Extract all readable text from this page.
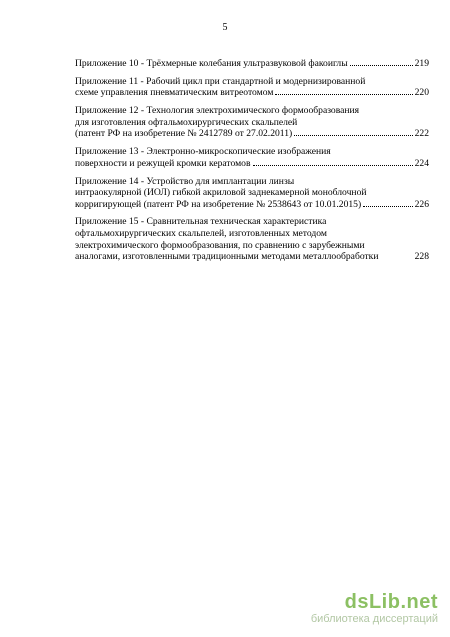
5
Приложение 10 - Трёхмерные колебания ультразвуковой факоиглы	219
Приложение 11 - Рабочий цикл при стандартной и модернизированной
схеме управления пневматическим витреотомом	220
Приложение 12 - Технология электрохимического формообразования
для изготовления офтальмохирургических скальпелей
(патент РФ на изобретение № 2412789 от 27.02.2011)	222
Приложение 13 - Электронно-микроскопические изображения
поверхности и режущей кромки кератомов	224
Приложение 14 - Устройство для имплантации линзы
интраокулярной (ИОЛ) гибкой акриловой заднекамерной моноблочной
корригирующей (патент РФ на изобретение № 2538643 от 10.01.2015)	226
Приложение 15 - Сравнительная техническая характеристика
офтальмохирургических скальпелей, изготовленных методом
электрохимического формообразования, по сравнению с зарубежными
аналогами, изготовленными традиционными методами металлообработки	228
dsLib.net
библиотека диссертаций
